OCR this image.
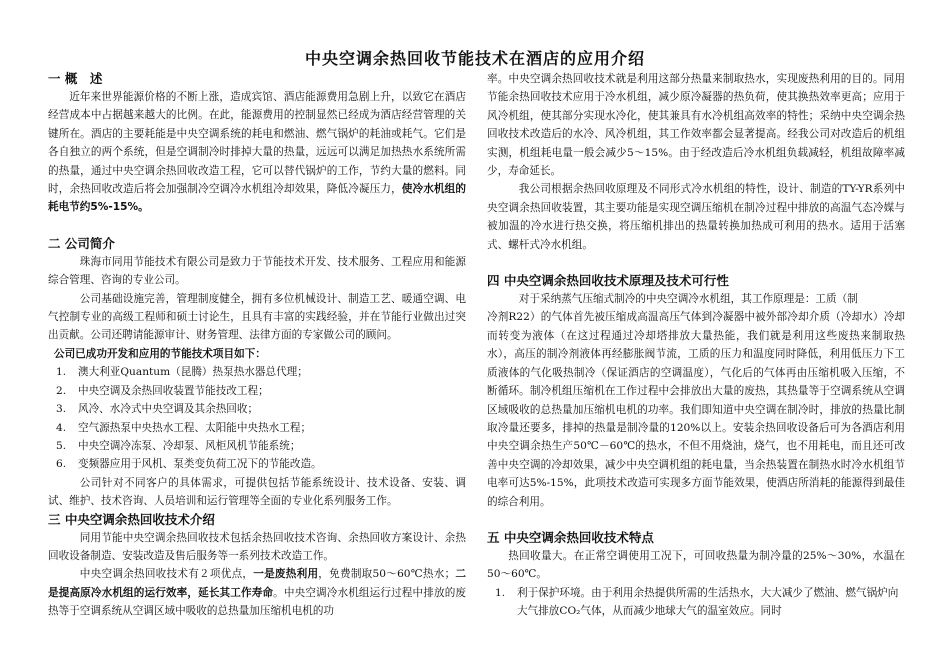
中央空调余热回收节能技术在酒店的应用介绍
一 概　述

近年来世界能源价格的不断上涨，造成宾馆、酒店能源费用急剧上升，以致它在酒店经营成本中占据越来越大的比例。在此，能源费用的控制显然已经成为酒店经营管理的关键所在。酒店的主要耗能是中央空调系统的耗电和燃油、燃气锅炉的耗油或耗气。它们是各自独立的两个系统，但是空调制冷时排掉大量的热量，远远可以满足加热热水系统所需的热量，通过中央空调余热回收改造工程，它可以替代锅炉的工作，节约大量的燃料。同时，余热回收改造后将会加强制冷空调冷水机组冷却效果，降低冷凝压力，使冷水机组的耗电节约5%-15%。

二 公司简介

珠海市同用节能技术有限公司是致力于节能技术开发、技术服务、工程应用和能源综合管理、咨询的专业公司。

公司基础设施完善，管理制度健全，拥有多位机械设计、制造工艺、暖通空调、电气控制专业的高级工程师和硕士讨论生，且具有丰富的实践经验，并在节能行业做出过突出贡献。公司还聘请能源审计、财务管理、法律方面的专家做公司的顾问。

公司已成功开发和应用的节能技术项目如下：

1. 澳大利亚Quantum（昆腾）热泵热水器总代理；
2. 中央空调及余热回收装置节能技改工程；
3. 风冷、水冷式中央空调及其余热回收；
4. 空气源热泵中央热水工程、太阳能中央热水工程；
5. 中央空调冷冻泵、冷却泵、风柜风机节能系统；
6. 变频器应用于风机、泵类变负荷工况下的节能改造。

公司针对不同客户的具体需求，可提供包括节能系统设计、技术设备、安装、调试、维护、技术咨询、人员培训和运行管理等全面的专业化系列服务工作。

三 中央空调余热回收技术介绍

同用节能中央空调余热回收技术包括余热回收技术咨询、余热回收方案设计、余热回收设备制造、安装改造及售后服务等一系列技术改造工作。

中央空调余热回收技术有２项优点，一是废热利用，免费制取50～60℃热水；二是提高原冷水机组的运行效率，延长其工作寿命。中央空调冷水机组运行过程中排放的废热等于空调系统从空调区域中吸收的总热量加压缩机电机的功

率。中央空调余热回收技术就是利用这部分热量来制取热水，实现废热利用的目的。同用节能余热回收技术应用于冷水机组，减少原冷凝器的热负荷，使其换热效率更高；应用于风冷机组，使其部分实现水冷化，使其兼具有水冷机组高效率的特性；采纳中央空调余热回收技术改造后的水冷、风冷机组，其工作效率都会显著提高。经我公司对改造后的机组实测，机组耗电量一般会减少5～15%。由于经改造后冷水机组负载减轻，机组故障率减少，寿命延长。

我公司根据余热回收原理及不同形式冷水机组的特性，设计、制造的TY-YR系列中央空调余热回收装置，其主要功能是实现空调压缩机在制冷过程中排放的高温气态冷媒与被加温的冷水进行热交换，将压缩机排出的热量转换加热成可利用的热水。适用于活塞式、螺杆式冷水机组。

四 中央空调余热回收技术原理及技术可行性

对于采纳蒸气压缩式制冷的中央空调冷水机组，其工作原理是：工质（制

冷剂R22）的气体首先被压缩成高温高压气体到冷凝器中被外部冷却介质（冷却水）冷却而转变为液体（在这过程通过冷却塔排放大量热能，我们就是利用这些废热来制取热水），高压的制冷剂液体再经膨胀阀节流，工质的压力和温度同时降低，利用低压力下工质液体的气化吸热制冷（保证酒店的空调温度），气化后的气体再由压缩机吸入压缩，不断循环。制冷机组压缩机在工作过程中会排放出大量的废热，其热量等于空调系统从空调区域吸收的总热量加压缩机电机的功率。我们即知道中央空调在制冷时，排放的热量比制取冷量还要多，排掉的热量是制冷量的120%以上。安装余热回收设备后可为各酒店利用中央空调余热生产50℃－60℃的热水，不但不用烧油，烧气，也不用耗电，而且还可改善中央空调的冷却效果，减少中央空调机组的耗电量，当余热装置在制热水时冷水机组节电率可达5%-15%，此项技术改造可实现多方面节能效果，使酒店所消耗的能源得到最佳的综合利用。

五 中央空调余热回收技术特点

热回收量大。在正常空调使用工况下，可回收热量为制冷量的25%～30%，水温在50～60℃。

1. 利于保护环境。由于利用余热提供所需的生活热水，大大减少了燃油、燃气锅炉向大气排放CO₂气体，从而减少地球大气的温室效应。同时
